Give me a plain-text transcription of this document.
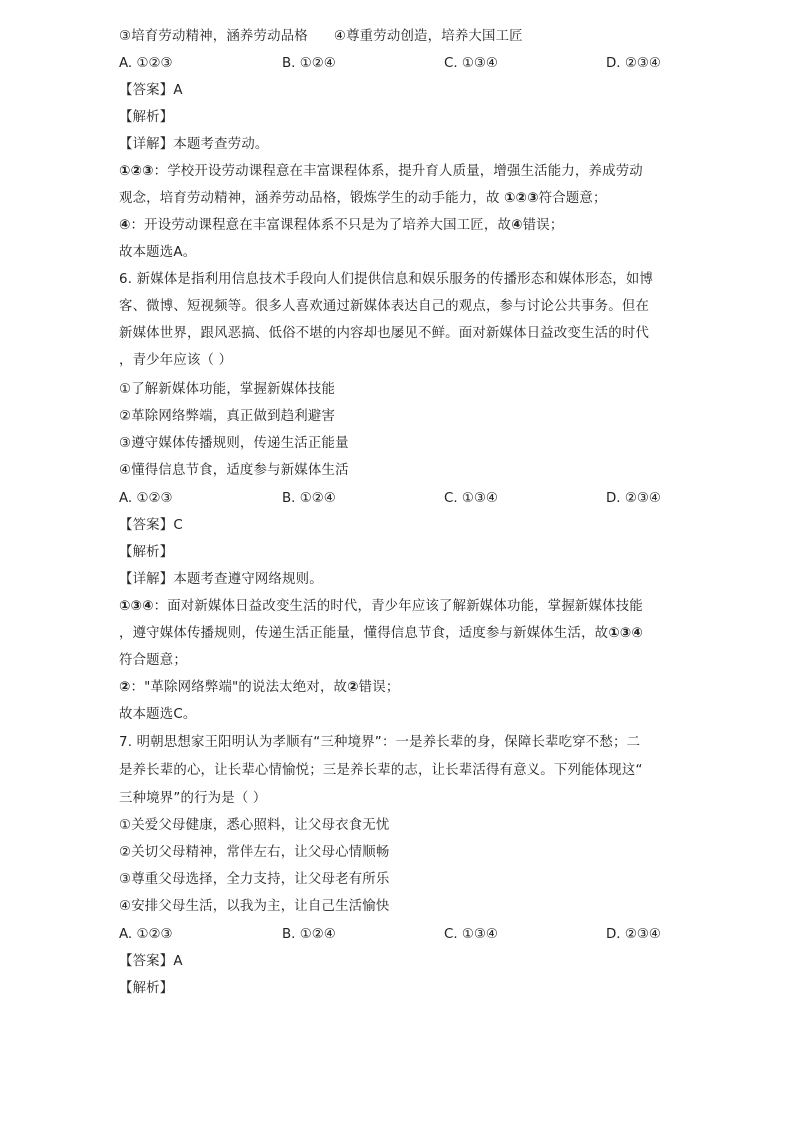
③培育劳动精神，涵养劳动品格 ④尊重劳动创造，培养大国工匠
A. ①②③	B. ①②④	C. ①③④	D. ②③④
【答案】A
【解析】
【详解】本题考查劳动。
①②③：学校开设劳动课程意在丰富课程体系，提升育人质量，增强生活能力，养成劳动
观念，培育劳动精神，涵养劳动品格，锻炼学生的动手能力，故 ①②③符合题意；
④：开设劳动课程意在丰富课程体系不只是为了培养大国工匠，故④错误；
故本题选A。
6. 新媒体是指利用信息技术手段向人们提供信息和娱乐服务的传播形态和媒体形态，如博
客、微博、短视频等。很多人喜欢通过新媒体表达自己的观点，参与讨论公共事务。但在
新媒体世界，跟风恶搞、低俗不堪的内容却也屡见不鲜。面对新媒体日益改变生活的时代
，青少年应该（ ）
①了解新媒体功能，掌握新媒体技能
②革除网络弊端，真正做到趋利避害
③遵守媒体传播规则，传递生活正能量
④懂得信息节食，适度参与新媒体生活
A. ①②③	B. ①②④	C. ①③④	D. ②③④
【答案】C
【解析】
【详解】本题考查遵守网络规则。
①③④：面对新媒体日益改变生活的时代，青少年应该了解新媒体功能，掌握新媒体技能
，遵守媒体传播规则，传递生活正能量，懂得信息节食，适度参与新媒体生活，故①③④
符合题意；
②："革除网络弊端"的说法太绝对，故②错误；
故本题选C。
7. 明朝思想家王阳明认为孝顺有“三种境界”：一是养长辈的身，保障长辈吃穿不愁；二
是养长辈的心，让长辈心情愉悦；三是养长辈的志，让长辈活得有意义。下列能体现这“
三种境界”的行为是（ ）
①关爱父母健康，悉心照料，让父母衣食无忧
②关切父母精神，常伴左右，让父母心情顺畅
③尊重父母选择，全力支持，让父母老有所乐
④安排父母生活，以我为主，让自己生活愉快
A. ①②③	B. ①②④	C. ①③④	D. ②③④
【答案】A
【解析】
